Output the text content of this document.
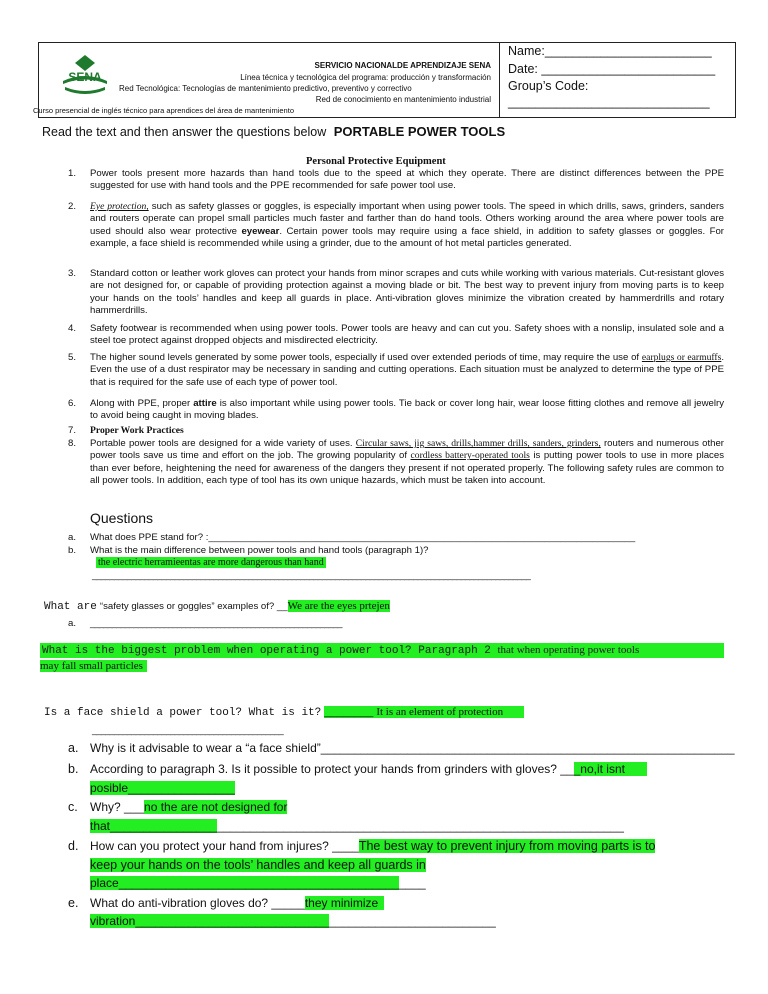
SENA
SERVICIO NACIONALDE APRENDIZAJE SENA
Línea técnica y tecnológica del programa: producción y transformación
Red Tecnológica: Tecnologías de mantenimiento predictivo, preventivo y correctivo
Red de conocimiento en mantenimiento industrial
Curso presencial de inglés técnico para aprendices del área de mantenimiento
Name:________________________
Date: _________________________
Group’s Code:
_____________________________
Read the text and then answer the questions below PORTABLE POWER TOOLS
Personal Protective Equipment
1. Power tools present more hazards than hand tools due to the speed at which they operate. There are distinct differences between the PPE suggested for use with hand tools and the PPE recommended for safe power tool use.
2. Eye protection, such as safety glasses or goggles, is especially important when using power tools. The speed in which drills, saws, grinders, sanders and routers operate can propel small particles much faster and farther than do hand tools. Others working around the area where power tools are used should also wear protective eyewear. Certain power tools may require using a face shield, in addition to safety glasses or goggles. For example, a face shield is recommended while using a grinder, due to the amount of hot metal particles generated.
3. Standard cotton or leather work gloves can protect your hands from minor scrapes and cuts while working with various materials. Cut-resistant gloves are not designed for, or capable of providing protection against a moving blade or bit. The best way to prevent injury from moving parts is to keep your hands on the tools’ handles and keep all guards in place. Anti-vibration gloves minimize the vibration created by hammerdrills and rotary hammerdrills.
4. Safety footwear is recommended when using power tools. Power tools are heavy and can cut you. Safety shoes with a nonslip, insulated sole and a steel toe protect against dropped objects and misdirected electricity.
5. The higher sound levels generated by some power tools, especially if used over extended periods of time, may require the use of earplugs or earmuffs. Even the use of a dust respirator may be necessary in sanding and cutting operations. Each situation must be analyzed to determine the type of PPE that is required for the safe use of each type of power tool.
6. Along with PPE, proper attire is also important while using power tools. Tie back or cover long hair, wear loose fitting clothes and remove all jewelry to avoid being caught in moving blades.
7. Proper Work Practices
8. Portable power tools are designed for a wide variety of uses. Circular saws, jig saws, drills,hammer drills, sanders, grinders, routers and numerous other power tools save us time and effort on the job. The growing popularity of cordless battery-operated tools is putting power tools to use in more places than ever before, heightening the need for awareness of the dangers they present if not operated properly. The following safety rules are common to all power tools. In addition, each type of tool has its own unique hazards, which must be taken into account.
Questions
a. What does PPE stand for? :________________________________________________________________________________
b. What is the main difference between power tools and hand tools (paragraph 1)?
the electric herramieentas are more dangerous than hand
_____________________________________________________________________________________________________
What are “safety glasses or goggles” examples of? __We are the eyes prtejen
a. __________________________________________________________
What is the biggest problem when operating a power tool? Paragraph 2 that when operating power tools
may fall small particles
Is a face shield a power tool? What is it? ________ It is an element of protection
____________________________________________
a. Why is it advisable to wear a “a face shield”______________________________________________________________
b. According to paragraph 3. Is it possible to protect your hands from grinders with gloves? ___no,it isnt
posible________________
c. Why? ___no the are not designed for
that_____________________________________________________________________________
d. How can you protect your hand from injures? ____The best way to prevent injury from moving parts is to
keep your hands on the tools’ handles and keep all guards in
place______________________________________________
e. What do anti-vibration gloves do? _____they minimize
vibration______________________________________________________
